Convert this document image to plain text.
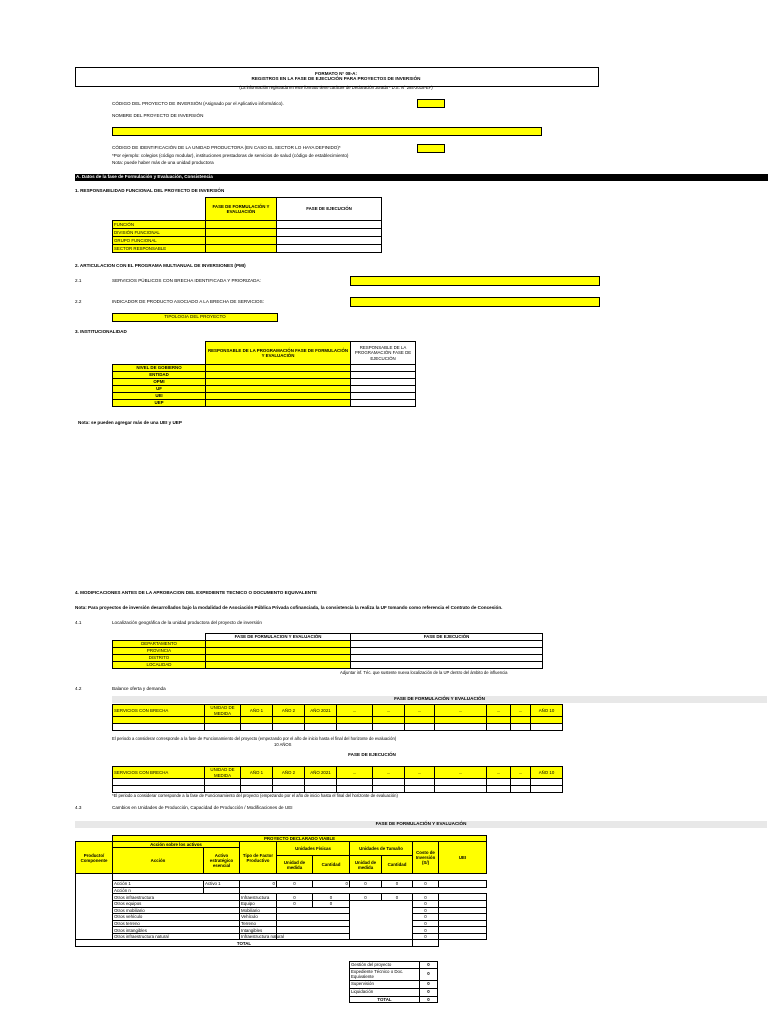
FORMATO N° 08-A:
REGISTROS EN LA FASE DE EJECUCIÓN PARA PROYECTOS DE INVERSIÓN
(La información registrada en este formato tiene carácter de Declaración Jurada - D.S. N° 284-2018-EF)
CÓDIGO DEL PROYECTO DE INVERSIÓN (Asignado por el Aplicativo informático).
NOMBRE DEL PROYECTO DE INVERSIÓN
CÓDIGO DE IDENTIFICACIÓN DE LA UNIDAD PRODUCTORA (EN CASO EL SECTOR LO HAYA DEFINIDO)*
*Por ejemplo: colegios (código modular), instituciones prestadoras de servicios de salud (código de establecimiento)
Nota: puede haber más de una unidad productora
A. Datos de la fase de Formulación y Evaluación, Consistencia
1. RESPONSABILIDAD FUNCIONAL DEL PROYECTO DE INVERSIÓN
	FASE DE FORMULACIÓN Y EVALUACIÓN	FASE DE EJECUCIÓN
FUNCIÓN		
DIVISIÓN FUNCIONAL		
GRUPO FUNCIONAL		
SECTOR RESPONSABLE		
2. ARTICULACION CON EL PROGRAMA MULTIANUAL DE INVERSIONES (PMI)
2.1	SERVICIOS PÚBLICOS CON BRECHA IDENTIFICADA Y PRIORIZADA:
2.2	INDICADOR DE PRODUCTO ASOCIADO A LA BRECHA DE SERVICIOS:
TIPOLOGIA DEL PROYECTO
3. INSTITUCIONALIDAD
	RESPONSABLE DE LA PROGRAMACIÓN FASE DE FORMULACIÓN Y EVALUACIÓN	RESPONSABLE DE LA PROGRAMACIÓN FASE DE EJECUCIÓN
NIVEL DE GOBIERNO		
ENTIDAD		
OPMI		
UF		
UEI		
UEP		
Nota: se pueden agregar más de una UEI y UEP
4. MODIFICACIONES ANTES DE LA APROBACION DEL EXPEDIENTE TECNICO O DOCUMENTO EQUIVALENTE
Nota: Para proyectos de inversión desarrollados bajo la modalidad de Asociación Pública Privada cofinanciada, la consistencia la realiza la UF tomando como referencia el Contrato de Concesión.
4.1	Localización geográfica de la unidad productora del proyecto de inversión
	FASE DE FORMULACION Y EVALUACIÓN	FASE DE EJECUCIÓN
DEPARTAMENTO		
PROVINCIA		
DISTRITO		
LOCALIDAD		
Adjuntar inf. Téc. que sustente nueva localización de la UP dentro del ámbito de influencia
4.2	Balance oferta y demanda
FASE DE FORMULACIÓN Y EVALUACIÓN
SERVICIOS CON BRECHA	UNIDAD DE MEDIDA	AÑO 1	AÑO 2	AÑO 2021	...	...	...	...	...	...	AÑO 10

El periodo a considerar corresponde a la fase de Funcionamiento del proyecto (empezando por el año de inicio hasta el final del horizonte de evaluación)
10 AÑOS
FASE DE EJECUCIÓN
SERVICIOS CON BRECHA	UNIDAD DE MEDIDA	AÑO 1	AÑO 2	AÑO 2021	...	...	...	...	...	...	AÑO 10

*El periodo a considerar corresponde a la fase de Funcionamiento del proyecto (empezando por el año de inicio hasta el final del horizonte de evaluación)
4.3	Cambios en Unidades de Producción, Capacidad de Producción / Modificaciones de UEI
FASE DE FORMULACIÓN Y EVALUACIÓN
	PROYECTO DECLARADO VIABLE									
Producto/ Componente	Acción sobre los activos		Tipo de Factor Productivo	Unidades Físicas		Unidades de Tamaño		Costo de Inversión (S/)	UEI	
	Acción	Activo estratégico esencial								
				Unidad de medida	Cantidad	Unidad de medida	Cantidad			

	Acción 1	Activo 1	0	0	0	0	0	0		
	Acción n									
	Otros infraestructura		Infraestructura	0	0	0	0	0		
	Otros equipos		Equipo	0	0			0		
	Otros mobiliario		Mobiliario					0		
	Otros vehículo		Vehículo					0		
	Otros terreno		Terreno					0		
	Otros intangibles		Intangibles					0		
	Otros infraestructura natural		Infraestructura natural					0		
TOTAL										
Gestión del proyecto	0
Expediente Técnico o Doc. Equivalente	0
Supervisión	0
Liquidación	0
TOTAL	0
